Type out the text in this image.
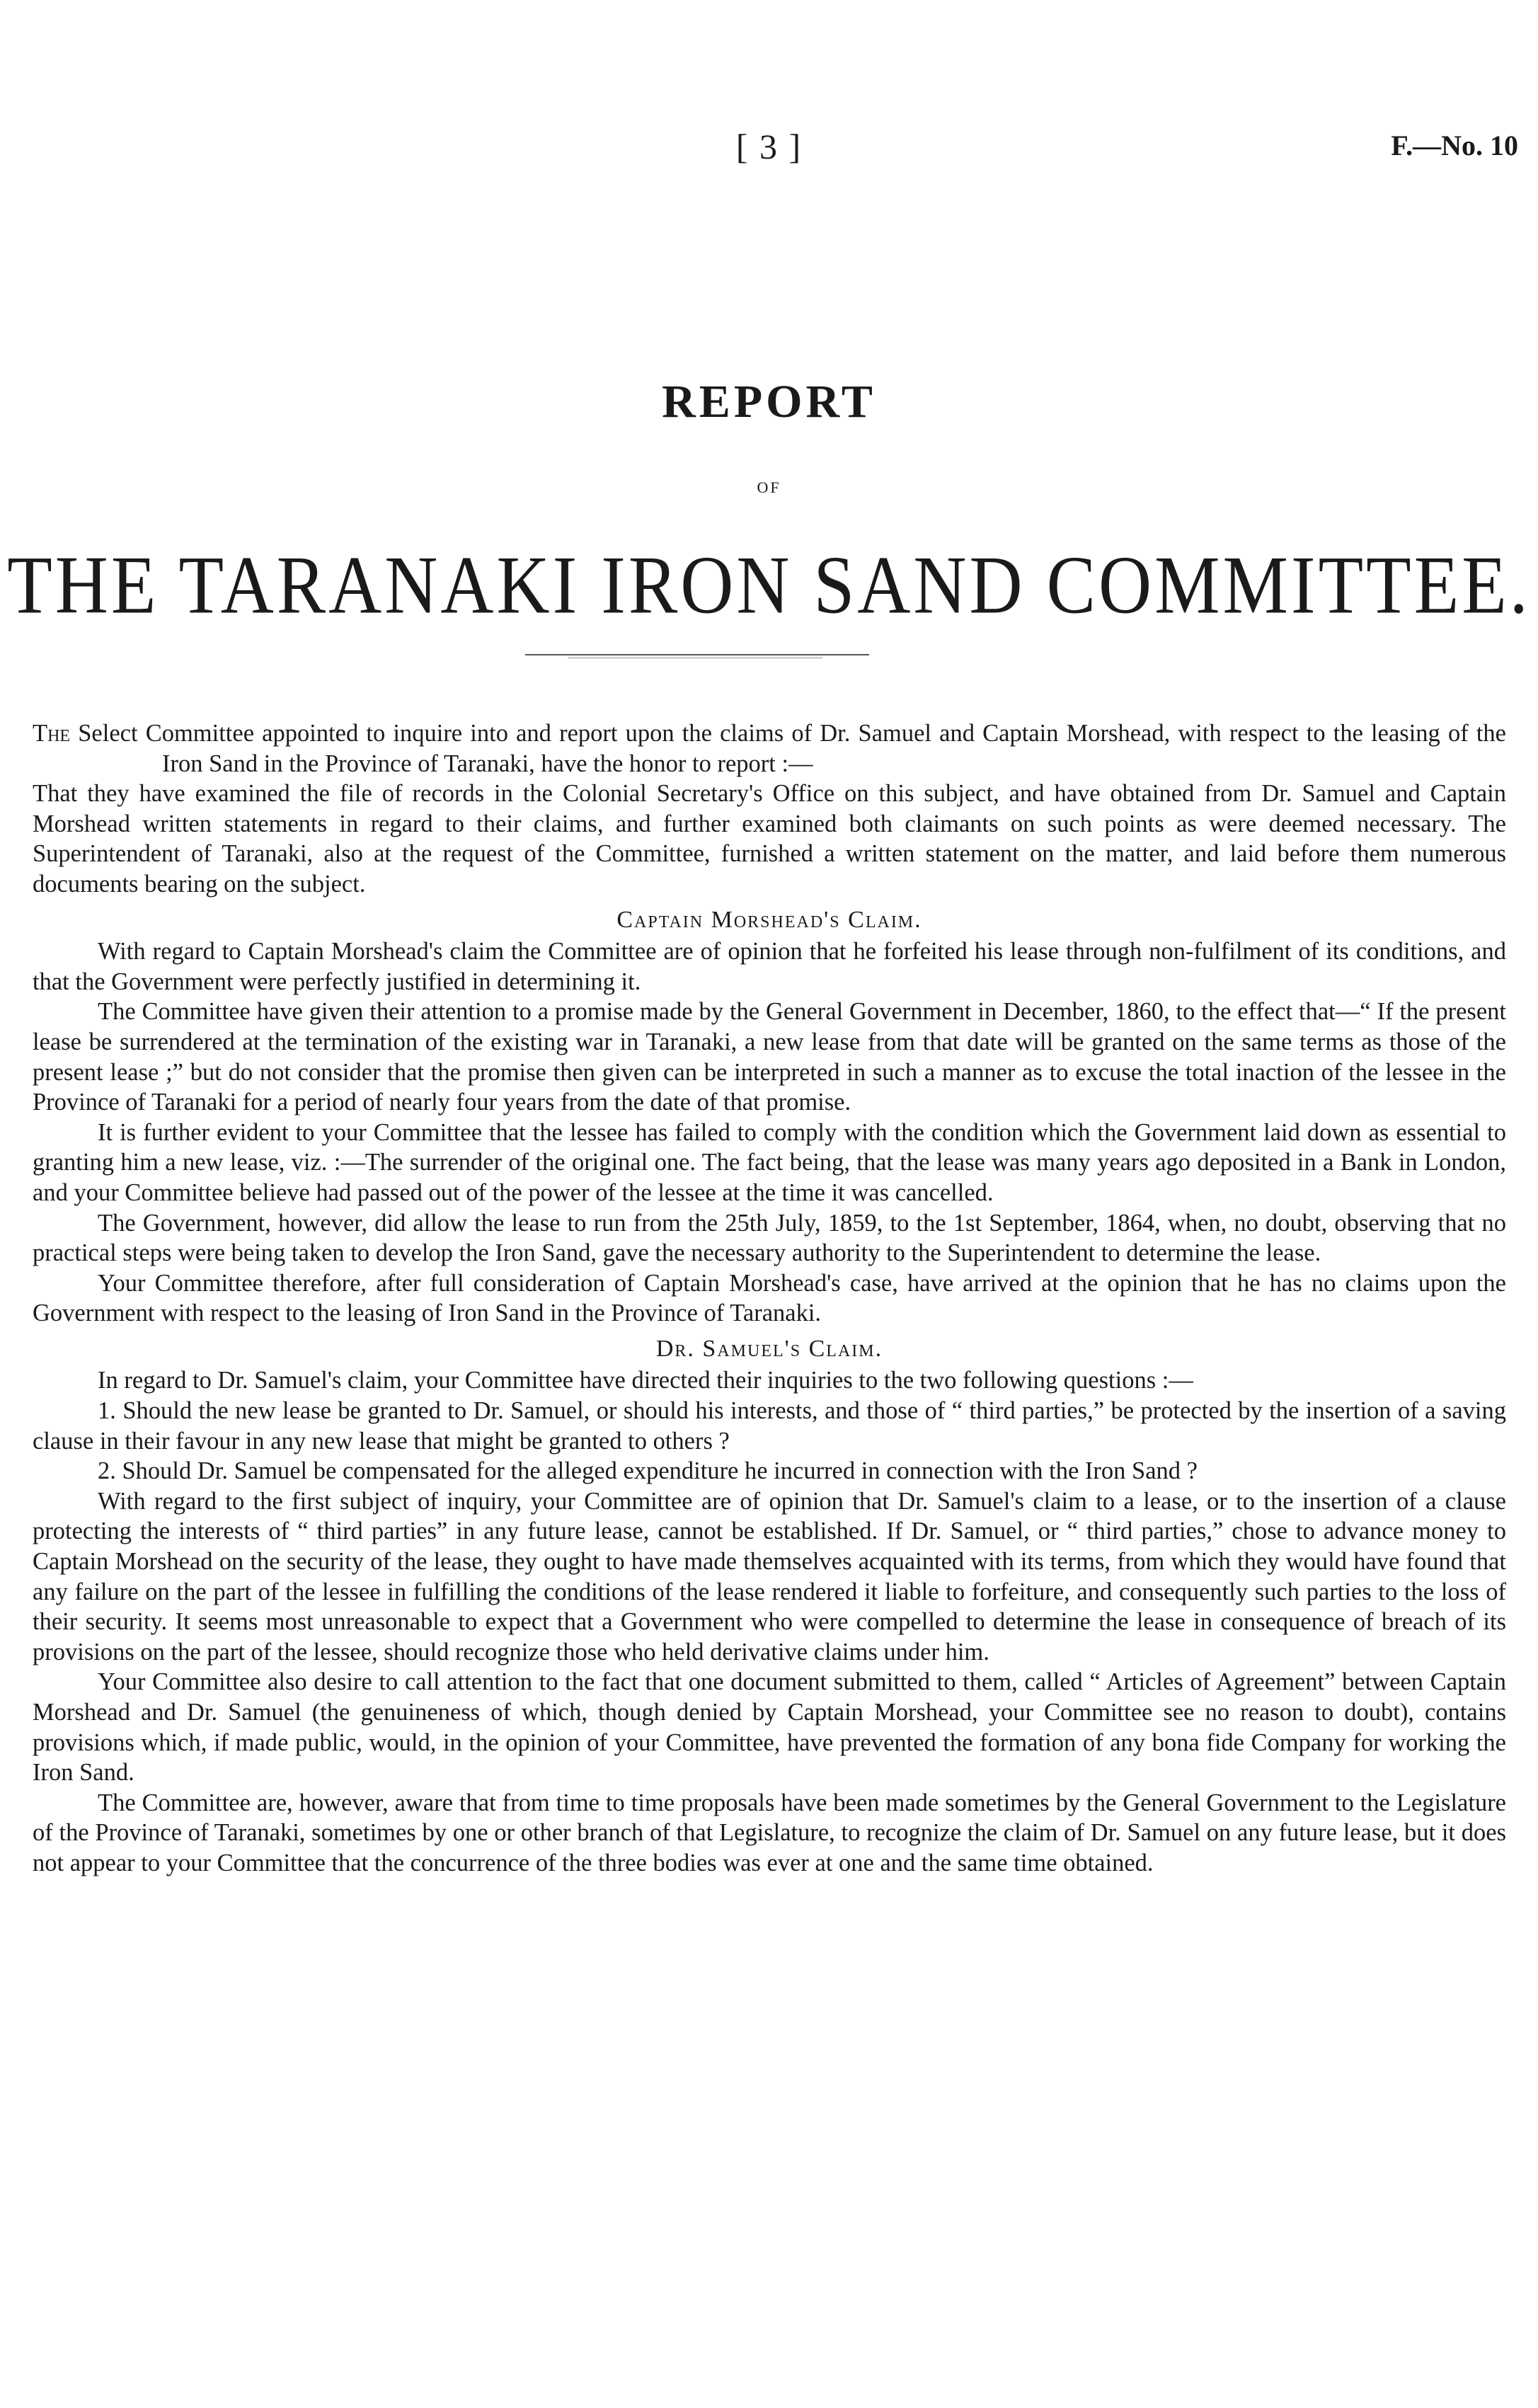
[ 3 ]	F.—No. 10
REPORT
OF
THE TARANAKI IRON SAND COMMITTEE.

The Select Committee appointed to inquire into and report upon the claims of Dr. Samuel and Captain Morshead, with respect to the leasing of the Iron Sand in the Province of Taranaki, have the honor to report :—

That they have examined the file of records in the Colonial Secretary's Office on this subject, and have obtained from Dr. Samuel and Captain Morshead written statements in regard to their claims, and further examined both claimants on such points as were deemed necessary. The Superintendent of Taranaki, also at the request of the Committee, furnished a written statement on the matter, and laid before them numerous documents bearing on the subject.

Captain Morshead's Claim.

With regard to Captain Morshead's claim the Committee are of opinion that he forfeited his lease through non-fulfilment of its conditions, and that the Government were perfectly justified in determining it.

The Committee have given their attention to a promise made by the General Government in December, 1860, to the effect that—“ If the present lease be surrendered at the termination of the existing war in Taranaki, a new lease from that date will be granted on the same terms as those of the present lease ;” but do not consider that the promise then given can be interpreted in such a manner as to excuse the total inaction of the lessee in the Province of Taranaki for a period of nearly four years from the date of that promise.

It is further evident to your Committee that the lessee has failed to comply with the condition which the Government laid down as essential to granting him a new lease, viz. :—The surrender of the original one. The fact being, that the lease was many years ago deposited in a Bank in London, and your Committee believe had passed out of the power of the lessee at the time it was cancelled.

The Government, however, did allow the lease to run from the 25th July, 1859, to the 1st September, 1864, when, no doubt, observing that no practical steps were being taken to develop the Iron Sand, gave the necessary authority to the Superintendent to determine the lease.

Your Committee therefore, after full consideration of Captain Morshead's case, have arrived at the opinion that he has no claims upon the Government with respect to the leasing of Iron Sand in the Province of Taranaki.

Dr. Samuel's Claim.

In regard to Dr. Samuel's claim, your Committee have directed their inquiries to the two following questions :—

1. Should the new lease be granted to Dr. Samuel, or should his interests, and those of “ third parties,” be protected by the insertion of a saving clause in their favour in any new lease that might be granted to others ?

2. Should Dr. Samuel be compensated for the alleged expenditure he incurred in connection with the Iron Sand ?

With regard to the first subject of inquiry, your Committee are of opinion that Dr. Samuel's claim to a lease, or to the insertion of a clause protecting the interests of “ third parties” in any future lease, cannot be established. If Dr. Samuel, or “ third parties,” chose to advance money to Captain Morshead on the security of the lease, they ought to have made themselves acquainted with its terms, from which they would have found that any failure on the part of the lessee in fulfilling the conditions of the lease rendered it liable to forfeiture, and consequently such parties to the loss of their security. It seems most unreasonable to expect that a Government who were compelled to determine the lease in consequence of breach of its provisions on the part of the lessee, should recognize those who held derivative claims under him.

Your Committee also desire to call attention to the fact that one document submitted to them, called “ Articles of Agreement” between Captain Morshead and Dr. Samuel (the genuineness of which, though denied by Captain Morshead, your Committee see no reason to doubt), contains provisions which, if made public, would, in the opinion of your Committee, have prevented the formation of any bona fide Company for working the Iron Sand.

The Committee are, however, aware that from time to time proposals have been made sometimes by the General Government to the Legislature of the Province of Taranaki, sometimes by one or other branch of that Legislature, to recognize the claim of Dr. Samuel on any future lease, but it does not appear to your Committee that the concurrence of the three bodies was ever at one and the same time obtained.
